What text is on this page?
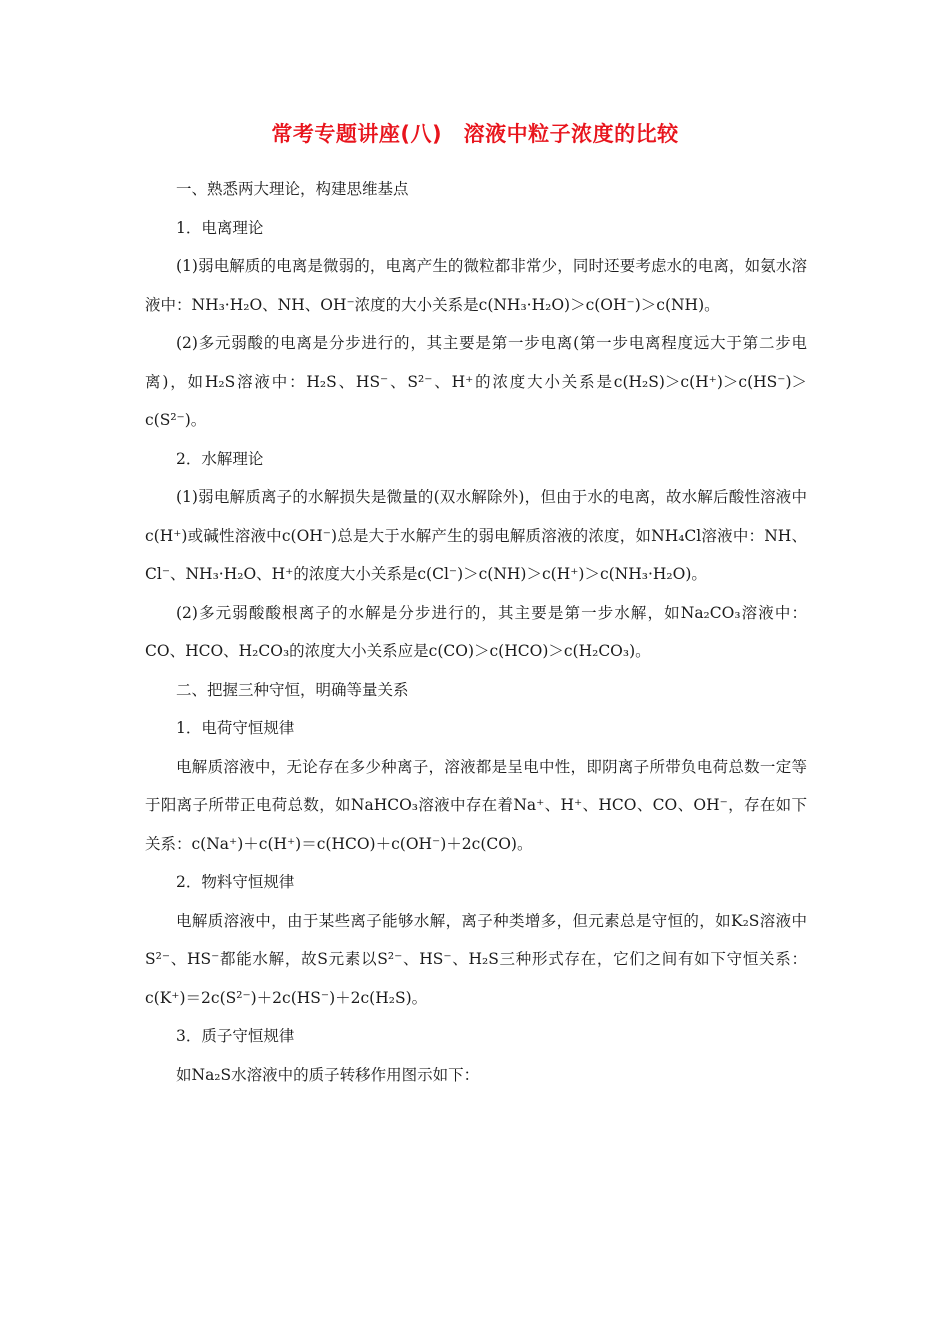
常考专题讲座(八)　溶液中粒子浓度的比较

一、熟悉两大理论，构建思维基点

1．电离理论

(1)弱电解质的电离是微弱的，电离产生的微粒都非常少，同时还要考虑水的电离，如氨水溶液中：NH₃·H₂O、NH、OH⁻浓度的大小关系是c(NH₃·H₂O)＞c(OH⁻)＞c(NH)。

(2)多元弱酸的电离是分步进行的，其主要是第一步电离(第一步电离程度远大于第二步电离)，如H₂S溶液中：H₂S、HS⁻、S²⁻、H⁺的浓度大小关系是c(H₂S)＞c(H⁺)＞c(HS⁻)＞c(S²⁻)。

2．水解理论

(1)弱电解质离子的水解损失是微量的(双水解除外)，但由于水的电离，故水解后酸性溶液中c(H⁺)或碱性溶液中c(OH⁻)总是大于水解产生的弱电解质溶液的浓度，如NH₄Cl溶液中：NH、Cl⁻、NH₃·H₂O、H⁺的浓度大小关系是c(Cl⁻)＞c(NH)＞c(H⁺)＞c(NH₃·H₂O)。

(2)多元弱酸酸根离子的水解是分步进行的，其主要是第一步水解，如Na₂CO₃溶液中：CO、HCO、H₂CO₃的浓度大小关系应是c(CO)＞c(HCO)＞c(H₂CO₃)。

二、把握三种守恒，明确等量关系

1．电荷守恒规律

电解质溶液中，无论存在多少种离子，溶液都是呈电中性，即阴离子所带负电荷总数一定等于阳离子所带正电荷总数，如NaHCO₃溶液中存在着Na⁺、H⁺、HCO、CO、OH⁻，存在如下关系：c(Na⁺)＋c(H⁺)＝c(HCO)＋c(OH⁻)＋2c(CO)。

2．物料守恒规律

电解质溶液中，由于某些离子能够水解，离子种类增多，但元素总是守恒的，如K₂S溶液中S²⁻、HS⁻都能水解，故S元素以S²⁻、HS⁻、H₂S三种形式存在，它们之间有如下守恒关系：c(K⁺)＝2c(S²⁻)＋2c(HS⁻)＋2c(H₂S)。

3．质子守恒规律

如Na₂S水溶液中的质子转移作用图示如下：
